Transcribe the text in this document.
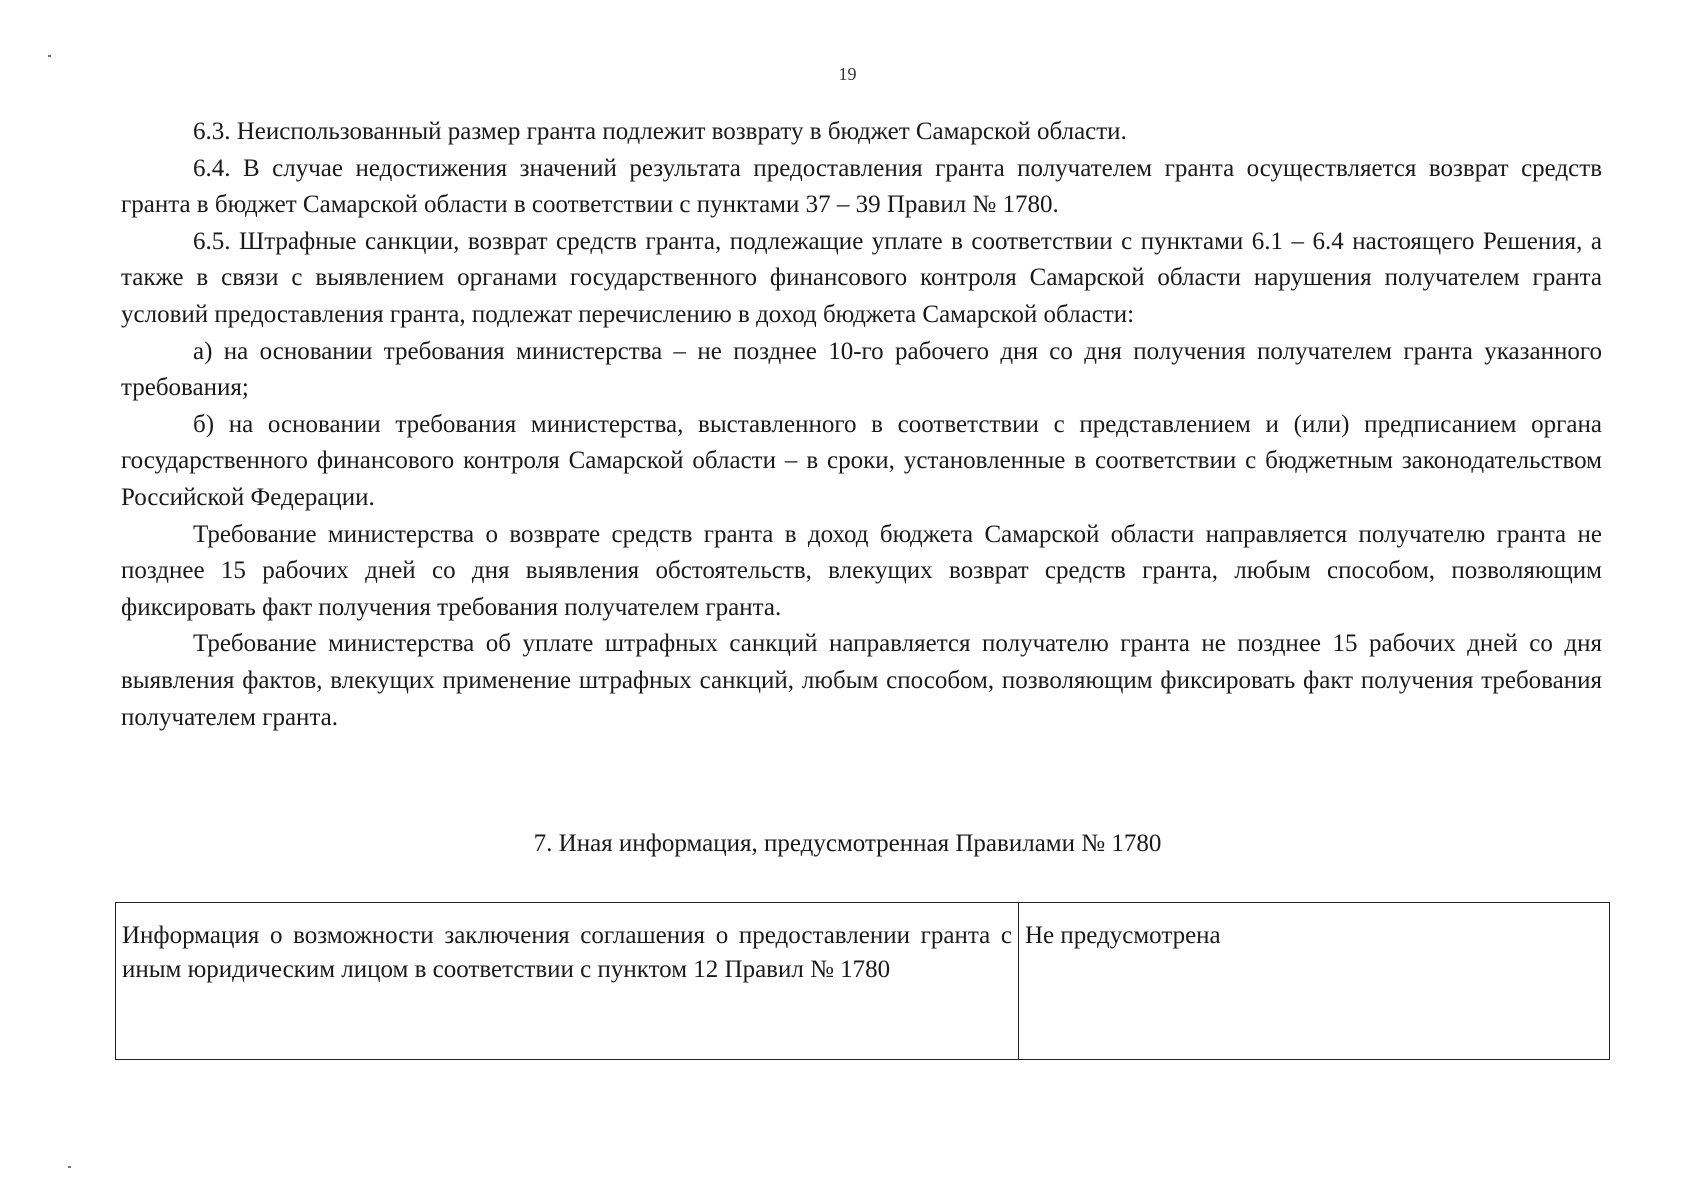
19

6.3. Неиспользованный размер гранта подлежит возврату в бюджет Самарской области.

6.4. В случае недостижения значений результата предоставления гранта получателем гранта осуществляется возврат средств гранта в бюджет Самарской области в соответствии с пунктами 37 – 39 Правил № 1780.

6.5. Штрафные санкции, возврат средств гранта, подлежащие уплате в соответствии с пунктами 6.1 – 6.4 настоящего Решения, а также в связи с выявлением органами государственного финансового контроля Самарской области нарушения получателем гранта условий предоставления гранта, подлежат перечислению в доход бюджета Самарской области:

а) на основании требования министерства – не позднее 10-го рабочего дня со дня получения получателем гранта указанного требования;

б) на основании требования министерства, выставленного в соответствии с представлением и (или) предписанием органа государственного финансового контроля Самарской области – в сроки, установленные в соответствии с бюджетным законодательством Российской Федерации.

Требование министерства о возврате средств гранта в доход бюджета Самарской области направляется получателю гранта не позднее 15 рабочих дней со дня выявления обстоятельств, влекущих возврат средств гранта, любым способом, позволяющим фиксировать факт получения требования получателем гранта.

Требование министерства об уплате штрафных санкций направляется получателю гранта не позднее 15 рабочих дней со дня выявления фактов, влекущих применение штрафных санкций, любым способом, позволяющим фиксировать факт получения требования получателем гранта.

7. Иная информация, предусмотренная Правилами № 1780
Информация о возможности заключения соглашения о предоставлении гранта с иным юридическим лицом в соответствии с пунктом 12 Правил № 1780	Не предусмотрена
